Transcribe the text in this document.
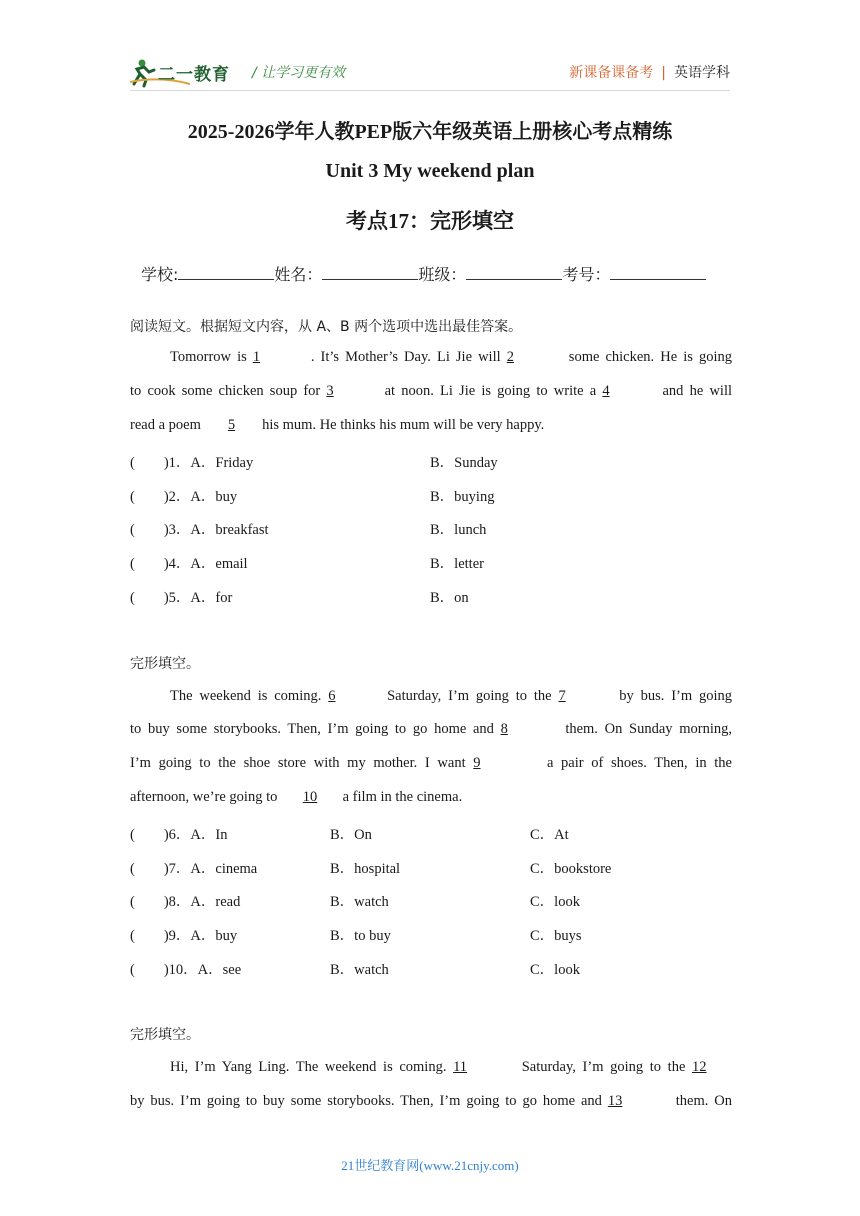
二一教育 / 让学习更有效	新课备课备考 | 英语学科
2025-2026学年人教PEP版六年级英语上册核心考点精练
Unit 3 My weekend plan
考点17：完形填空
学校:	姓名：	班级：	考号：
阅读短文。根据短文内容，从 A、B 两个选项中选出最佳答案。
Tomorrow is 1	. It’s Mother’s Day. Li Jie will 2	some chicken. He is going
to cook some chicken soup for 3	at noon. Li Jie is going to write a 4	and he will
read a poem 5 his mum. He thinks his mum will be very happy.
(　　)1．A．Friday	B．Sunday
(　　)2．A．buy	B．buying
(　　)3．A．breakfast	B．lunch
(　　)4．A．email	B．letter
(　　)5．A．for	B．on
完形填空。
The weekend is coming. 6	Saturday, I’m going to the 7	by bus. I’m going
to buy some storybooks. Then, I’m going to go home and 8	them. On Sunday morning,
I’m going to the shoe store with my mother. I want 9	a pair of shoes. Then, in the
afternoon, we’re going to 10 a film in the cinema.
(　　)6．A．In	B．On	C．At
(　　)7．A．cinema	B．hospital	C．bookstore
(　　)8．A．read	B．watch	C．look
(　　)9．A．buy	B．to buy	C．buys
(　　)10．A．see	B．watch	C．look
完形填空。
Hi, I’m Yang Ling. The weekend is coming. 11	Saturday, I’m going to the 12
by bus. I’m going to buy some storybooks. Then, I’m going to go home and 13	them. On
21世纪教育网(www.21cnjy.com)
